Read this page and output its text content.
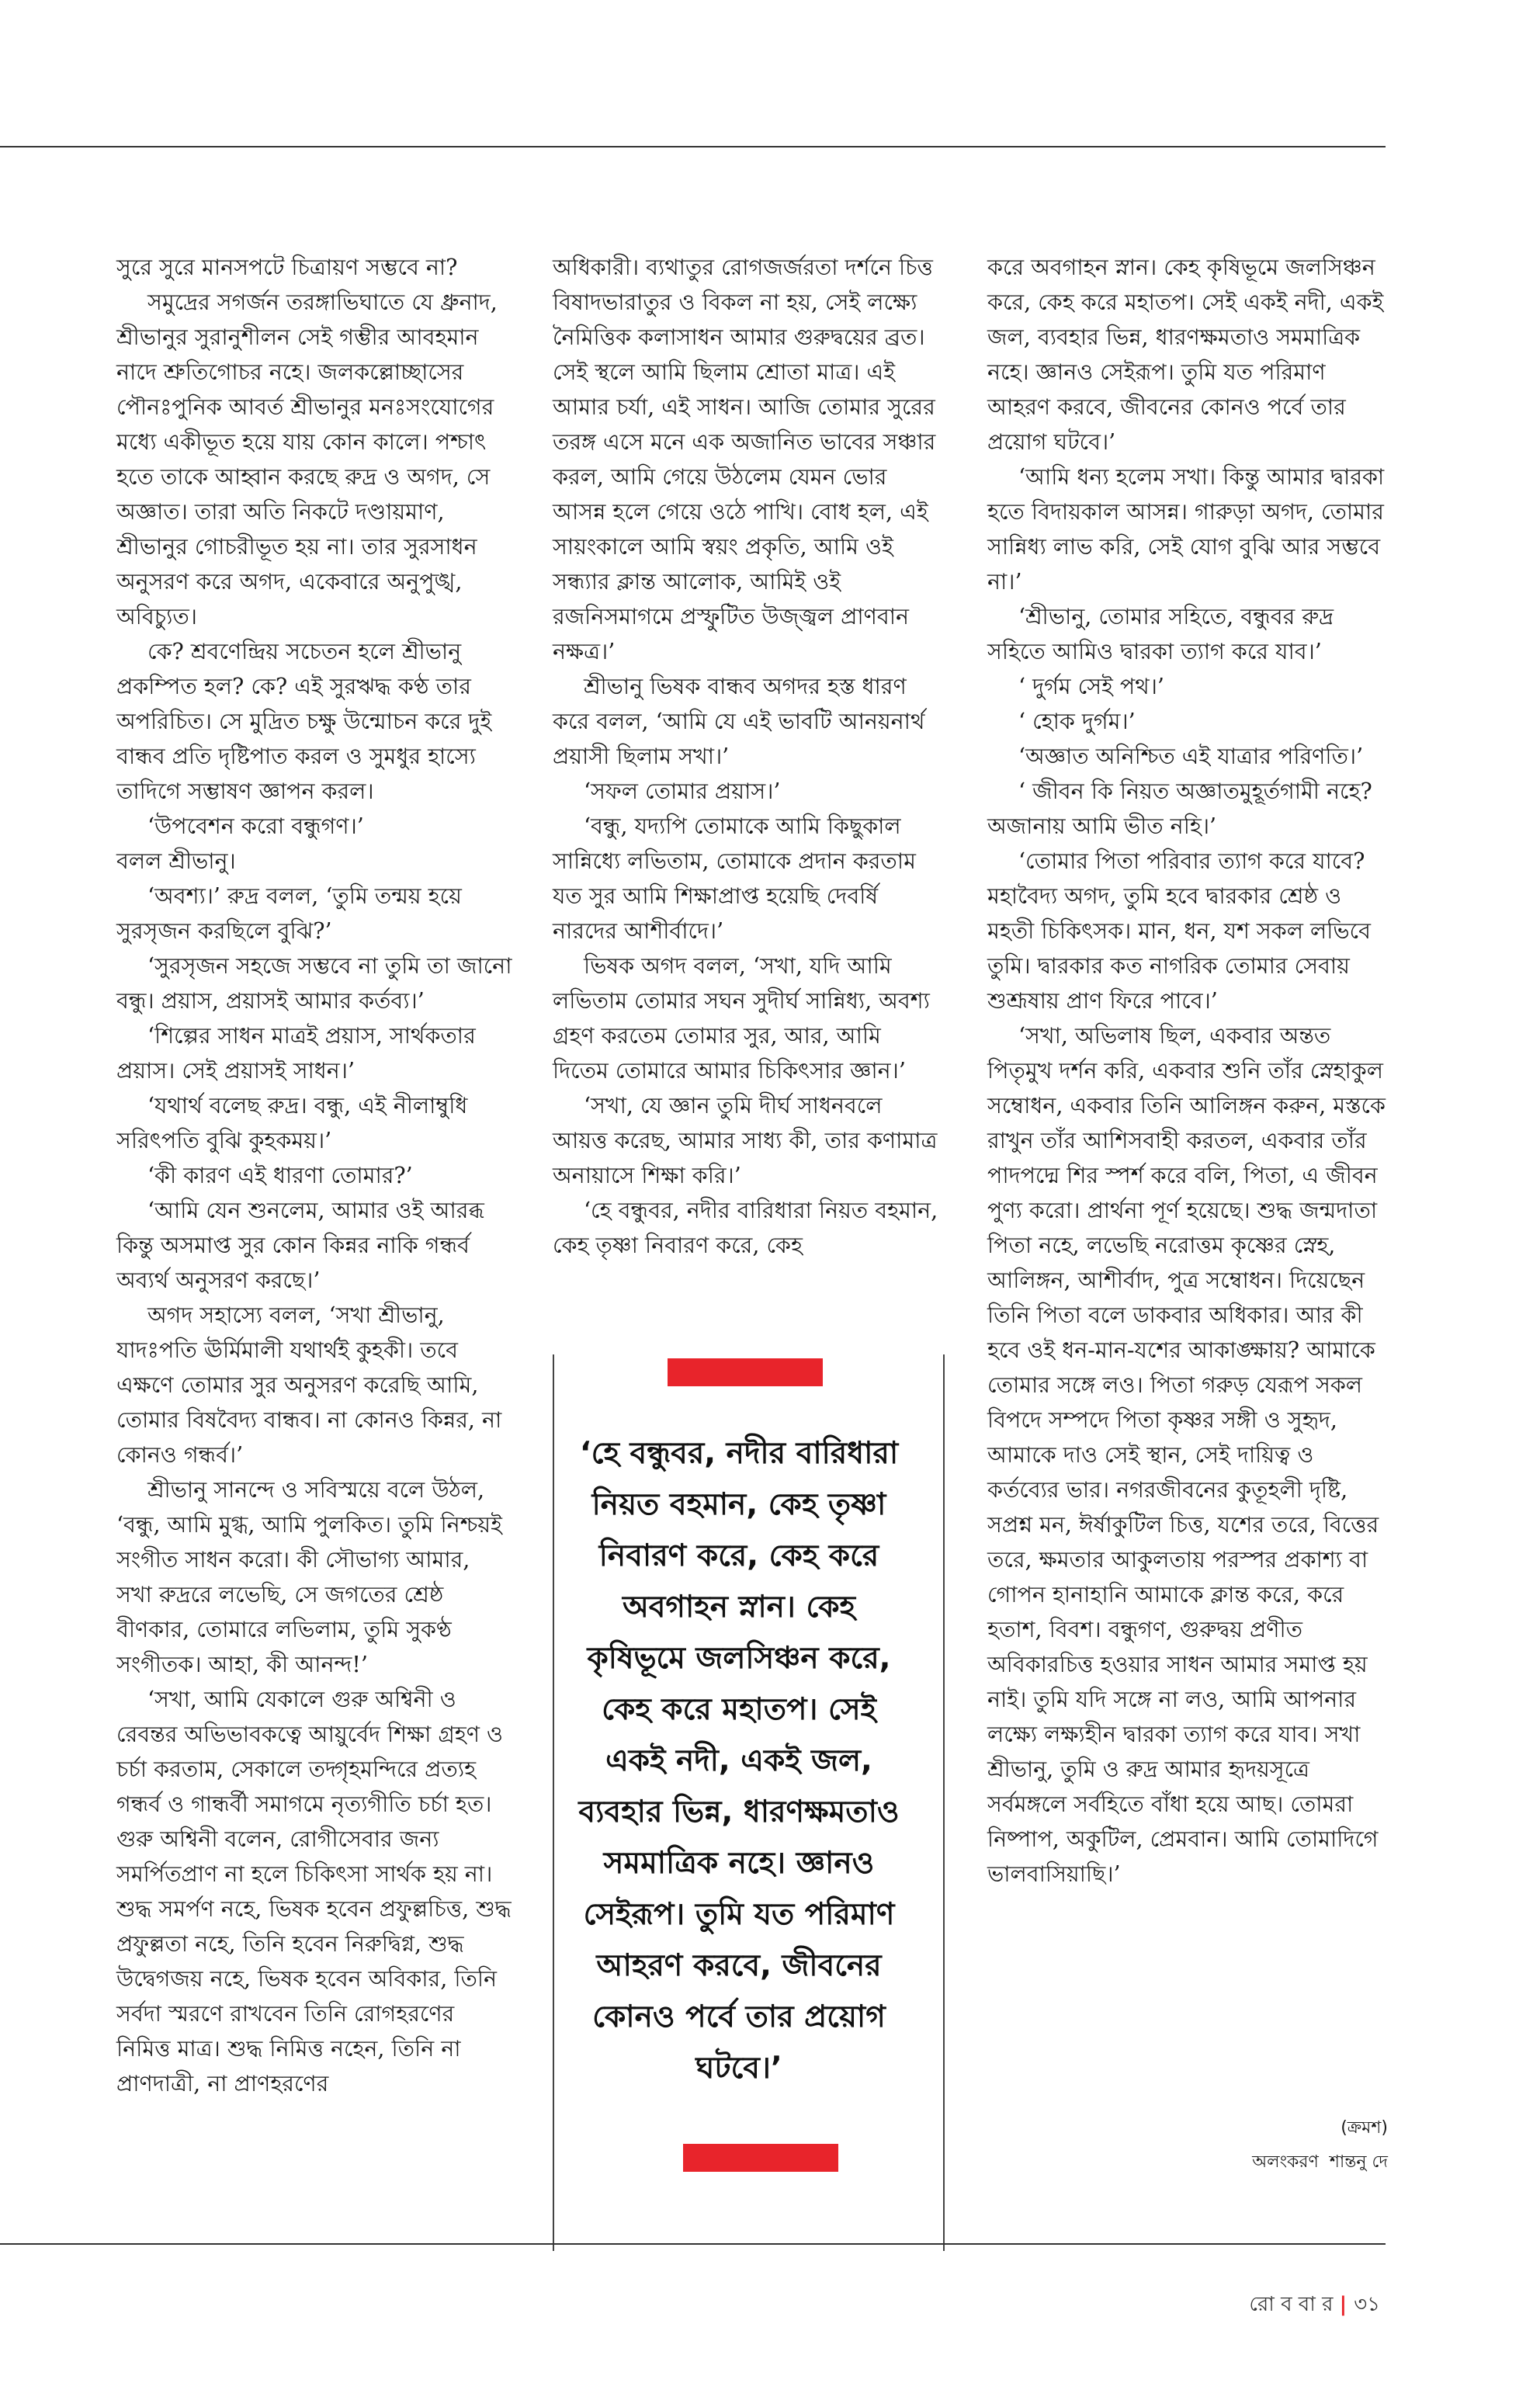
সুরে সুরে মানসপটে চিত্রায়ণ সম্ভবে না?

সমুদ্রের সগর্জন তরঙ্গাভিঘাতে যে ধ্রুনাদ, শ্রীভানুর সুরানুশীলন সেই গম্ভীর আবহমান নাদে শ্রুতিগোচর নহে। জলকল্লোচ্ছাসের পৌনঃপুনিক আবর্ত শ্রীভানুর মনঃসংযোগের মধ্যে একীভূত হয়ে যায় কোন কালে। পশ্চাৎ হতে তাকে আহ্বান করছে রুদ্র ও অগদ, সে অজ্ঞাত। তারা অতি নিকটে দণ্ডায়মাণ, শ্রীভানুর গোচরীভূত হয় না। তার সুরসাধন অনুসরণ করে অগদ, একেবারে অনুপুঙ্খ, অবিচ্যুত।

কে? শ্রবণেন্দ্রিয় সচেতন হলে শ্রীভানু প্রকম্পিত হল? কে? এই সুরঋদ্ধ কণ্ঠ তার অপরিচিত। সে মুদ্রিত চক্ষু উন্মোচন করে দুই বান্ধব প্রতি দৃষ্টিপাত করল ও সুমধুর হাস্যে তাদিগে সম্ভাষণ জ্ঞাপন করল।

‘উপবেশন করো বন্ধুগণ।’

বলল শ্রীভানু।

‘অবশ্য।’ রুদ্র বলল, ‘তুমি তন্ময় হয়ে সুরসৃজন করছিলে বুঝি?’

‘সুরসৃজন সহজে সম্ভবে না তুমি তা জানো বন্ধু। প্রয়াস, প্রয়াসই আমার কর্তব্য।’

‘শিল্পের সাধন মাত্রই প্রয়াস, সার্থকতার প্রয়াস। সেই প্রয়াসই সাধন।’

‘যথার্থ বলেছ রুদ্র। বন্ধু, এই নীলাম্বুধি সরিৎপতি বুঝি কুহকময়।’

‘কী কারণ এই ধারণা তোমার?’

‘আমি যেন শুনলেম, আমার ওই আরব্ধ কিন্তু অসমাপ্ত সুর কোন কিন্নর নাকি গন্ধর্ব অব্যর্থ অনুসরণ করছে।’

অগদ সহাস্যে বলল, ‘সখা শ্রীভানু, যাদঃপতি ঊর্মিমালী যথার্থই কুহকী। তবে এক্ষণে তোমার সুর অনুসরণ করেছি আমি, তোমার বিষবৈদ্য বান্ধব। না কোনও কিন্নর, না কোনও গন্ধর্ব।’

শ্রীভানু সানন্দে ও সবিস্ময়ে বলে উঠল, ‘বন্ধু, আমি মুগ্ধ, আমি পুলকিত। তুমি নিশ্চয়ই সংগীত সাধন করো। কী সৌভাগ্য আমার, সখা রুদ্ররে লভেছি, সে জগতের শ্রেষ্ঠ বীণকার, তোমারে লভিলাম, তুমি সুকণ্ঠ সংগীতক। আহা, কী আনন্দ!’

‘সখা, আমি যেকালে গুরু অশ্বিনী ও রেবন্তর অভিভাবকত্বে আয়ুর্বেদ শিক্ষা গ্রহণ ও চর্চা করতাম, সেকালে তদ্গৃহমন্দিরে প্রত্যহ গন্ধর্ব ও গান্ধর্বী সমাগমে নৃত্যগীতি চর্চা হত। গুরু অশ্বিনী বলেন, রোগীসেবার জন্য সমর্পিতপ্রাণ না হলে চিকিৎসা সার্থক হয় না। শুদ্ধ সমর্পণ নহে, ভিষক হবেন প্রফুল্লচিত্ত, শুদ্ধ প্রফুল্লতা নহে, তিনি হবেন নিরুদ্বিগ্ন, শুদ্ধ উদ্বেগজয় নহে, ভিষক হবেন অবিকার, তিনি সর্বদা স্মরণে রাখবেন তিনি রোগহরণের নিমিত্ত মাত্র। শুদ্ধ নিমিত্ত নহেন, তিনি না প্রাণদাত্রী, না প্রাণহরণের

অধিকারী। ব্যথাতুর রোগজর্জরতা দর্শনে চিত্ত বিষাদভারাতুর ও বিকল না হয়, সেই লক্ষ্যে নৈমিত্তিক কলাসাধন আমার গুরুদ্বয়ের ব্রত। সেই স্থলে আমি ছিলাম শ্রোতা মাত্র। এই আমার চর্যা, এই সাধন। আজি তোমার সুরের তরঙ্গ এসে মনে এক অজানিত ভাবের সঞ্চার করল, আমি গেয়ে উঠলেম যেমন ভোর আসন্ন হলে গেয়ে ওঠে পাখি। বোধ হল, এই সায়ংকালে আমি স্বয়ং প্রকৃতি, আমি ওই সন্ধ্যার ক্লান্ত আলোক, আমিই ওই রজনিসমাগমে প্রস্ফুটিত উজ্জ্বল প্রাণবান নক্ষত্র।’

শ্রীভানু ভিষক বান্ধব অগদর হস্ত ধারণ করে বলল, ‘আমি যে এই ভাবটি আনয়নার্থ প্রয়াসী ছিলাম সখা।’

‘সফল তোমার প্রয়াস।’

‘বন্ধু, যদ্যপি তোমাকে আমি কিছুকাল সান্নিধ্যে লভিতাম, তোমাকে প্রদান করতাম যত সুর আমি শিক্ষাপ্রাপ্ত হয়েছি দেবর্ষি নারদের আশীর্বাদে।’

ভিষক অগদ বলল, ‘সখা, যদি আমি লভিতাম তোমার সঘন সুদীর্ঘ সান্নিধ্য, অবশ্য গ্রহণ করতেম তোমার সুর, আর, আমি দিতেম তোমারে আমার চিকিৎসার জ্ঞান।’

‘সখা, যে জ্ঞান তুমি দীর্ঘ সাধনবলে আয়ত্ত করেছ, আমার সাধ্য কী, তার কণামাত্র অনায়াসে শিক্ষা করি।’

‘হে বন্ধুবর, নদীর বারিধারা নিয়ত বহমান, কেহ তৃষ্ণা নিবারণ করে, কেহ

করে অবগাহন স্নান। কেহ কৃষিভূমে জলসিঞ্চন করে, কেহ করে মহাতপ। সেই একই নদী, একই জল, ব্যবহার ভিন্ন, ধারণক্ষমতাও সমমাত্রিক নহে। জ্ঞানও সেইরূপ। তুমি যত পরিমাণ আহরণ করবে, জীবনের কোনও পর্বে তার প্রয়োগ ঘটবে।’

‘আমি ধন্য হলেম সখা। কিন্তু আমার দ্বারকা হতে বিদায়কাল আসন্ন। গারুড়া অগদ, তোমার সান্নিধ্য লাভ করি, সেই যোগ বুঝি আর সম্ভবে না।’

‘শ্রীভানু, তোমার সহিতে, বন্ধুবর রুদ্র সহিতে আমিও দ্বারকা ত্যাগ করে যাব।’

‘ দুর্গম সেই পথ।’

‘ হোক দুর্গম।’

‘অজ্ঞাত অনিশ্চিত এই যাত্রার পরিণতি।’

‘ জীবন কি নিয়ত অজ্ঞাতমুহূর্তগামী নহে? অজানায় আমি ভীত নহি।’

‘তোমার পিতা পরিবার ত্যাগ করে যাবে? মহাবৈদ্য অগদ, তুমি হবে দ্বারকার শ্রেষ্ঠ ও মহতী চিকিৎসক। মান, ধন, যশ সকল লভিবে তুমি। দ্বারকার কত নাগরিক তোমার সেবায় শুশ্রূষায় প্রাণ ফিরে পাবে।’

‘সখা, অভিলাষ ছিল, একবার অন্তত পিতৃমুখ দর্শন করি, একবার শুনি তাঁর স্নেহাকুল সম্বোধন, একবার তিনি আলিঙ্গন করুন, মস্তকে রাখুন তাঁর আশিসবাহী করতল, একবার তাঁর পাদপদ্মে শির স্পর্শ করে বলি, পিতা, এ জীবন পুণ্য করো। প্রার্থনা পূর্ণ হয়েছে। শুদ্ধ জন্মদাতা পিতা নহে, লভেছি নরোত্তম কৃষ্ণের স্নেহ, আলিঙ্গন, আশীর্বাদ, পুত্র সম্বোধন। দিয়েছেন তিনি পিতা বলে ডাকবার অধিকার। আর কী হবে ওই ধন-মান-যশের আকাঙ্ক্ষায়? আমাকে তোমার সঙ্গে লও। পিতা গরুড় যেরূপ সকল বিপদে সম্পদে পিতা কৃষ্ণর সঙ্গী ও সুহৃদ, আমাকে দাও সেই স্থান, সেই দায়িত্ব ও কর্তব্যের ভার। নগরজীবনের কুতূহলী দৃষ্টি, সপ্রশ্ন মন, ঈর্ষাকুটিল চিত্ত, যশের তরে, বিত্তের তরে, ক্ষমতার আকুলতায় পরস্পর প্রকাশ্য বা গোপন হানাহানি আমাকে ক্লান্ত করে, করে হতাশ, বিবশ। বন্ধুগণ, গুরুদ্বয় প্রণীত অবিকারচিত্ত হওয়ার সাধন আমার সমাপ্ত হয় নাই। তুমি যদি সঙ্গে না লও, আমি আপনার লক্ষ্যে লক্ষ্যহীন দ্বারকা ত্যাগ করে যাব। সখা শ্রীভানু, তুমি ও রুদ্র আমার হৃদয়সূত্রে সর্বমঙ্গলে সর্বহিতে বাঁধা হয়ে আছ। তোমরা নিষ্পাপ, অকুটিল, প্রেমবান। আমি তোমাদিগে ভালবাসিয়াছি।’

‘হে বন্ধুবর, নদীর বারিধারা নিয়ত বহমান, কেহ তৃষ্ণা নিবারণ করে, কেহ করে অবগাহন স্নান। কেহ কৃষিভূমে জলসিঞ্চন করে, কেহ করে মহাতপ। সেই একই নদী, একই জল, ব্যবহার ভিন্ন, ধারণক্ষমতাও সমমাত্রিক নহে। জ্ঞানও সেইরূপ। তুমি যত পরিমাণ আহরণ করবে, জীবনের কোনও পর্বে তার প্রয়োগ ঘটবে।’
(ক্রমশ)
অলংকরণ  শান্তনু দে
রো ব বা র | ৩১
